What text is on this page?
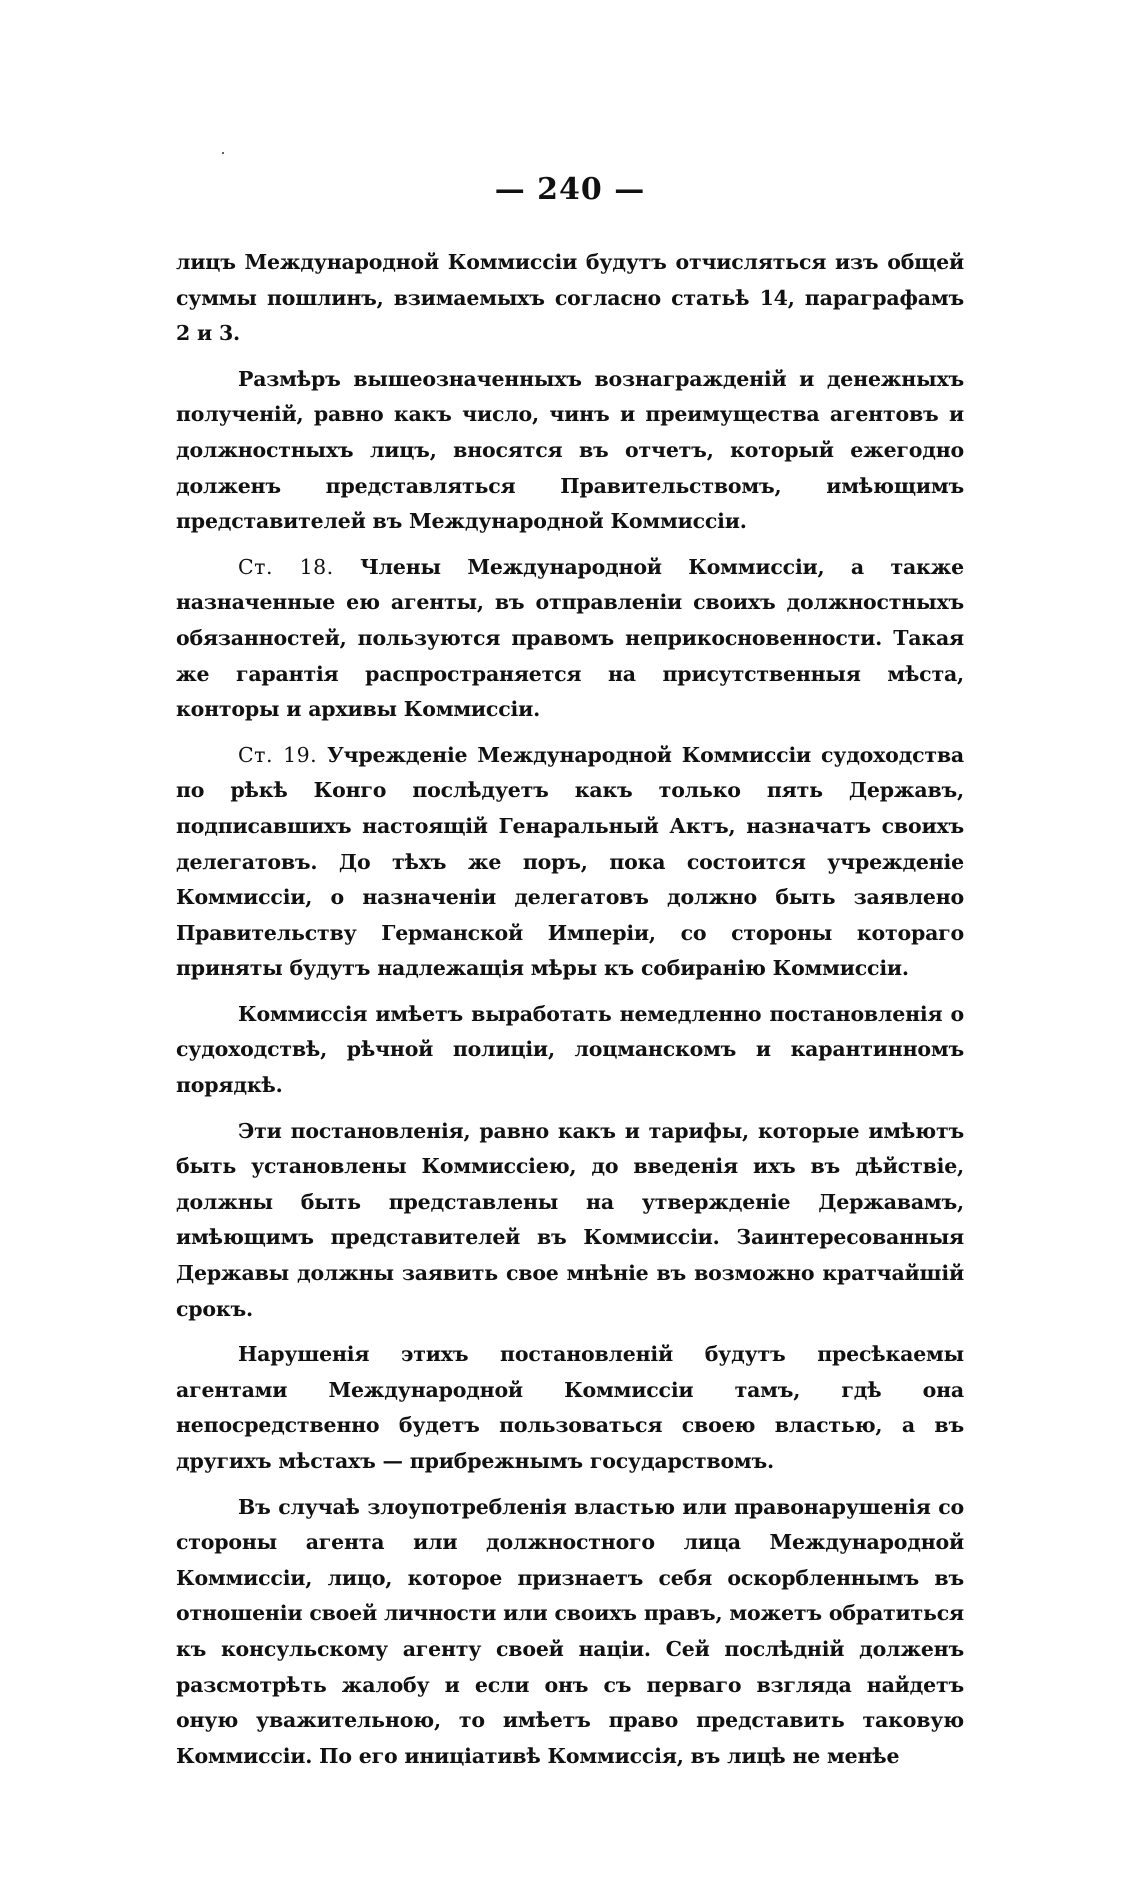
— 240 —

лицъ Международной Коммиссіи будутъ отчисляться изъ общей суммы пошлинъ, взимаемыхъ согласно статьѣ 14, параграфамъ 2 и 3.

Размѣръ вышеозначенныхъ вознагражденій и денежныхъ полученій, равно какъ число, чинъ и преимущества агентовъ и должностныхъ лицъ, вносятся въ отчетъ, который ежегодно долженъ представляться Правительствомъ, имѣющимъ представителей въ Международной Коммиссіи.

Ст. 18. Члены Международной Коммиссіи, а также назначенные ею агенты, въ отправленіи своихъ должностныхъ обязанностей, пользуются правомъ неприкосновенности. Такая же гарантія распространяется на присутственныя мѣста, конторы и архивы Коммиссіи.

Ст. 19. Учрежденіе Международной Коммиссіи судоходства по рѣкѣ Конго послѣдуетъ какъ только пять Державъ, подписавшихъ настоящій Генаральный Актъ, назначатъ своихъ делегатовъ. До тѣхъ же поръ, пока состоится учрежденіе Коммиссіи, о назначеніи делегатовъ должно быть заявлено Правительству Германской Имперіи, со стороны котораго приняты будутъ надлежащія мѣры къ собиранію Коммиссіи.

Коммиссія имѣетъ выработать немедленно постановленія о судоходствѣ, рѣчной полиціи, лоцманскомъ и карантинномъ порядкѣ.

Эти постановленія, равно какъ и тарифы, которые имѣютъ быть установлены Коммиссіею, до введенія ихъ въ дѣйствіе, должны быть представлены на утвержденіе Державамъ, имѣющимъ представителей въ Коммиссіи. Заинтересованныя Державы должны заявить свое мнѣніе въ возможно кратчайшій срокъ.

Нарушенія этихъ постановленій будутъ пресѣкаемы агентами Международной Коммиссіи тамъ, гдѣ она непосредственно будетъ пользоваться своею властью, а въ другихъ мѣстахъ — прибрежнымъ государствомъ.

Въ случаѣ злоупотребленія властью или правонарушенія со стороны агента или должностного лица Международной Коммиссіи, лицо, которое признаетъ себя оскорбленнымъ въ отношеніи своей личности или своихъ правъ, можетъ обратиться къ консульскому агенту своей націи. Сей послѣдній долженъ разсмотрѣть жалобу и если онъ съ перваго взгляда найдетъ оную уважительною, то имѣетъ право представить таковую Коммиссіи. По его иниціативѣ Коммиссія, въ лицѣ не менѣе
